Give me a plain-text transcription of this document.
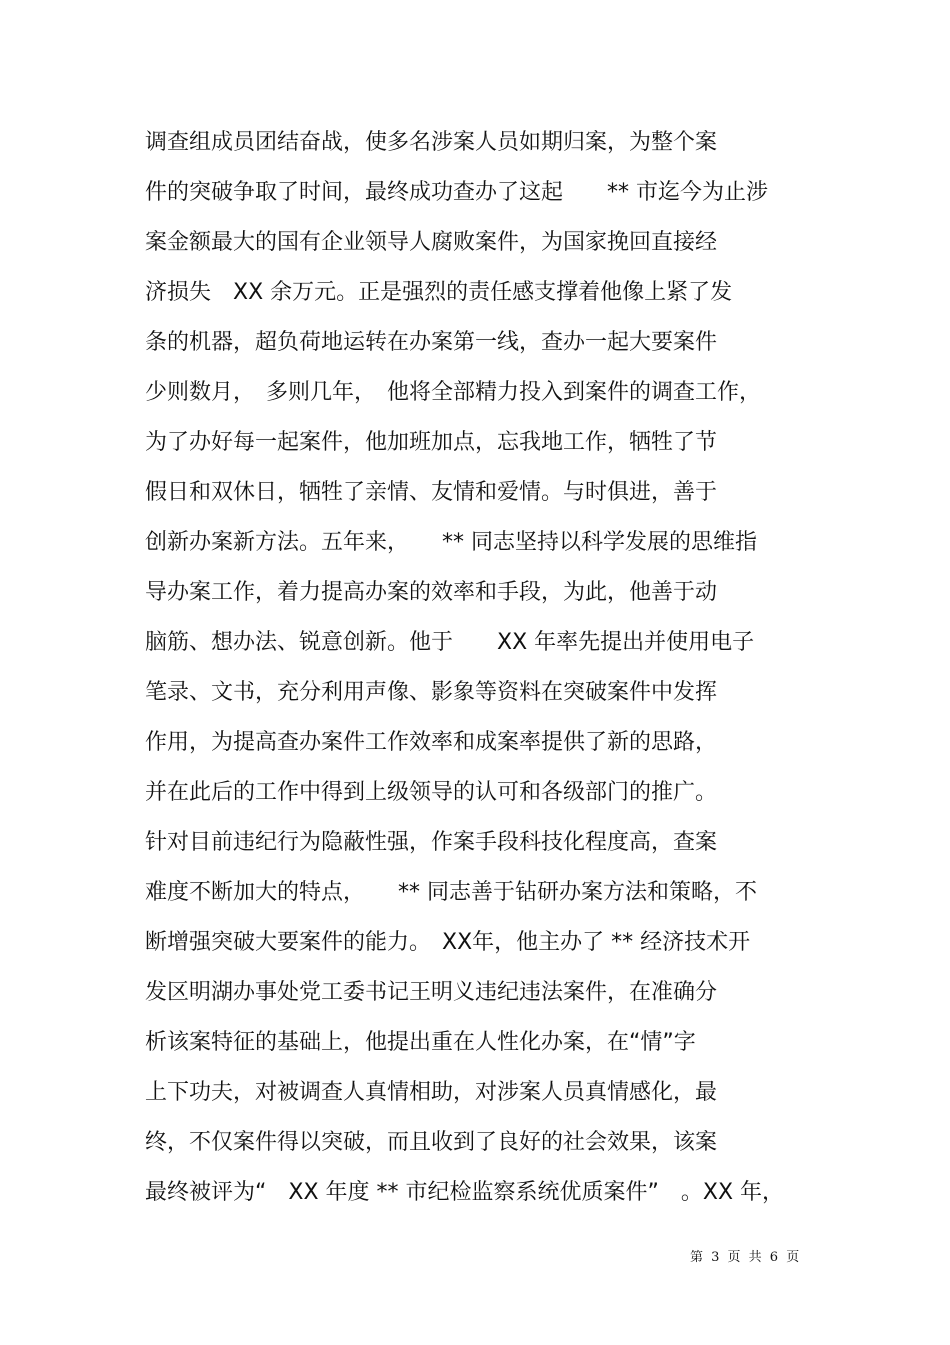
调查组成员团结奋战，使多名涉案人员如期归案，为整个案
件的突破争取了时间，最终成功查办了这起　　** 市迄今为止涉
案金额最大的国有企业领导人腐败案件，为国家挽回直接经
济损失　XX 余万元。正是强烈的责任感支撑着他像上紧了发
条的机器，超负荷地运转在办案第一线，查办一起大要案件
少则数月，　多则几年，　他将全部精力投入到案件的调查工作，
为了办好每一起案件，他加班加点，忘我地工作，牺牲了节
假日和双休日，牺牲了亲情、友情和爱情。与时俱进，善于
创新办案新方法。五年来，　　** 同志坚持以科学发展的思维指
导办案工作，着力提高办案的效率和手段，为此，他善于动
脑筋、想办法、锐意创新。他于　　XX 年率先提出并使用电子
笔录、文书，充分利用声像、影象等资料在突破案件中发挥
作用，为提高查办案件工作效率和成案率提供了新的思路，
并在此后的工作中得到上级领导的认可和各级部门的推广。
针对目前违纪行为隐蔽性强，作案手段科技化程度高，查案
难度不断加大的特点，　　** 同志善于钻研办案方法和策略，不
断增强突破大要案件的能力。　XX年，他主办了 ** 经济技术开
发区明湖办事处党工委书记王明义违纪违法案件，在准确分
析该案特征的基础上，他提出重在人性化办案，在“情”字
上下功夫，对被调查人真情相助，对涉案人员真情感化，最
终，不仅案件得以突破，而且收到了良好的社会效果，该案
最终被评为“　XX 年度 ** 市纪检监察系统优质案件”　。XX 年，
第 3 页 共 6 页
